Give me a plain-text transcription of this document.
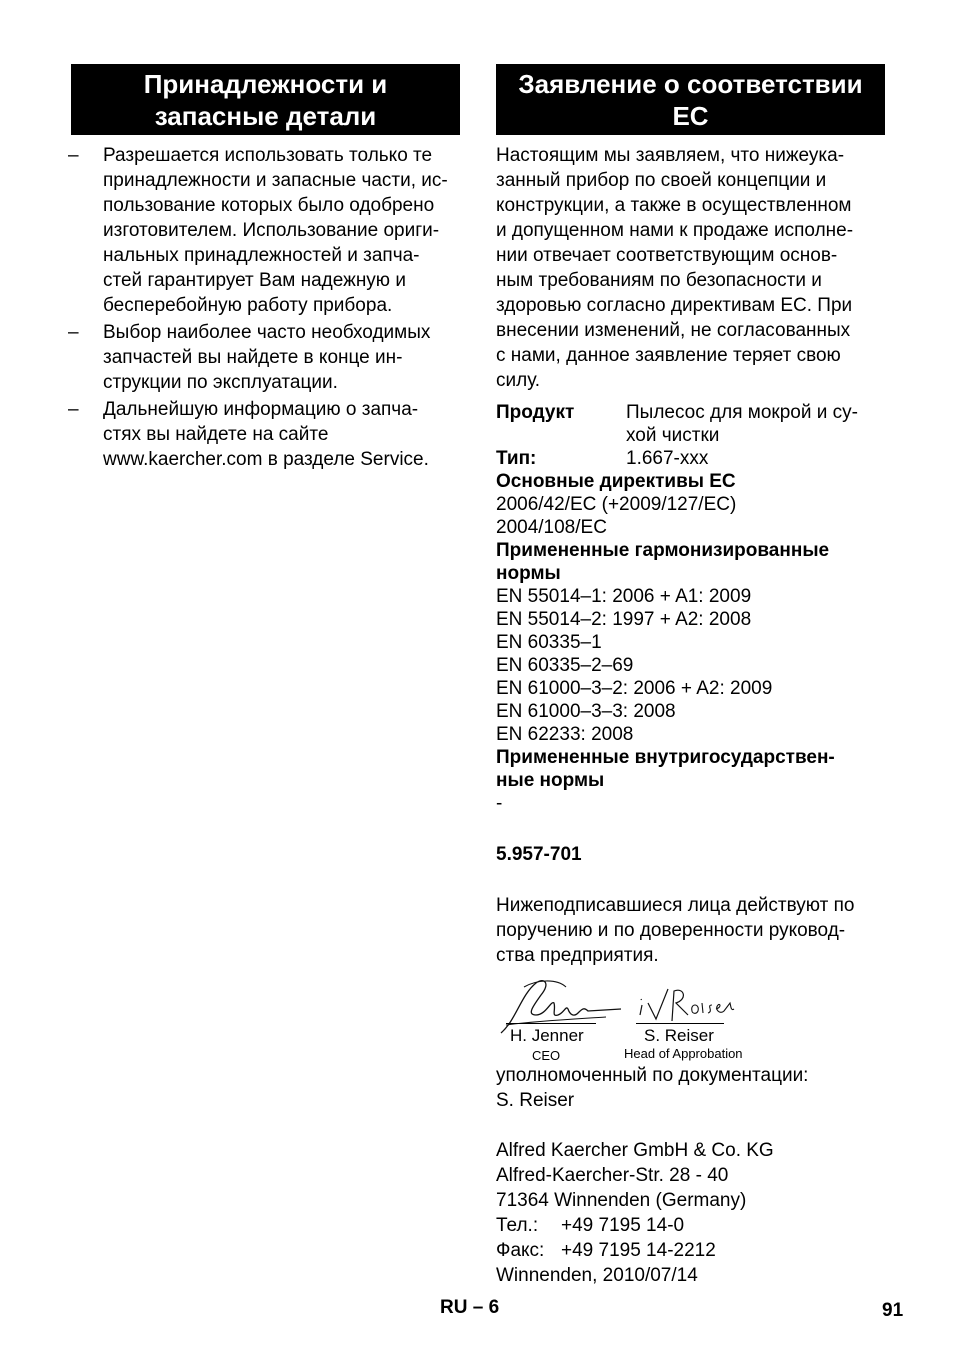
Принадлежности и
запасные детали
Заявление о соответствии
ЕС
– Разрешается использовать только те
принадлежности и запасные части, ис-
пользование которых было одобрено
изготовителем. Использование ориги-
нальных принадлежностей и запча-
стей гарантирует Вам надежную и
бесперебойную работу прибора.
– Выбор наиболее часто необходимых
запчастей вы найдете в конце ин-
струкции по эксплуатации.
– Дальнейшую информацию о запча-
стях вы найдете на сайте
www.kaercher.com в разделе Service.
Настоящим мы заявляем, что нижеука-
занный прибор по своей концепции и
конструкции, а также в осуществленном
и допущенном нами к продаже исполне-
нии отвечает соответствующим основ-
ным требованиям по безопасности и
здоровью согласно директивам ЕС. При
внесении изменений, не согласованных
с нами, данное заявление теряет свою
силу.
Продукт	Пылесос для мокрой и су-
хой чистки
Тип:	1.667-xxx
Основные директивы ЕС
2006/42/EC (+2009/127/EC)
2004/108/EC
Примененные гармонизированные
нормы
EN 55014–1: 2006 + A1: 2009
EN 55014–2: 1997 + A2: 2008
EN 60335–1
EN 60335–2–69
EN 61000–3–2: 2006 + A2: 2009
EN 61000–3–3: 2008
EN 62233: 2008
Примененные внутригосударствен-
ные нормы
-
5.957-701
Нижеподписавшиеся лица действуют по
поручению и по доверенности руковод-
ства предприятия.
H. Jenner	S. Reiser
CEO	Head of Approbation
уполномоченный по документации:
S. Reiser
Alfred Kaercher GmbH & Co. KG
Alfred-Kaercher-Str. 28 - 40
71364 Winnenden (Germany)
Тел.: +49 7195 14-0
Факс: +49 7195 14-2212
Winnenden, 2010/07/14
RU – 6	91
